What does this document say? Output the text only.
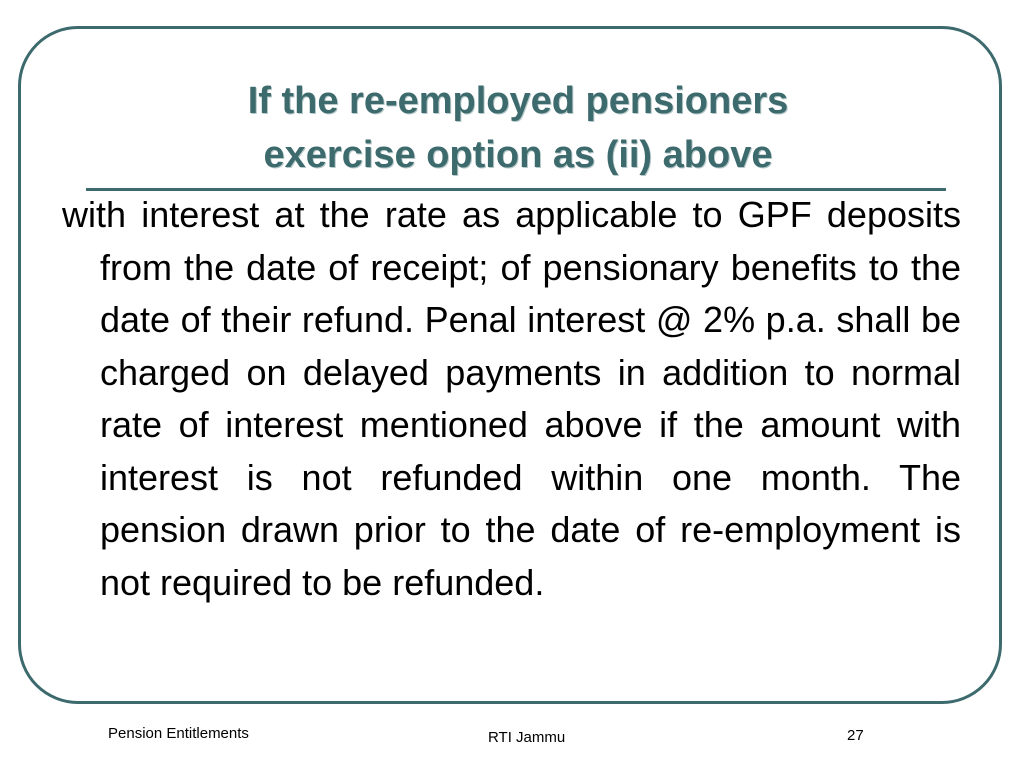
If the re-employed pensioners
exercise option as (ii) above

with interest at the rate as applicable to GPF deposits from the date of receipt; of pensionary benefits to the date of their refund. Penal interest @ 2% p.a. shall be charged on delayed payments in addition to normal rate of interest mentioned above if the amount with interest is not refunded within one month. The pension drawn prior to the date of re-employment is not required to be refunded.

Pension Entitlements	RTI Jammu	27
